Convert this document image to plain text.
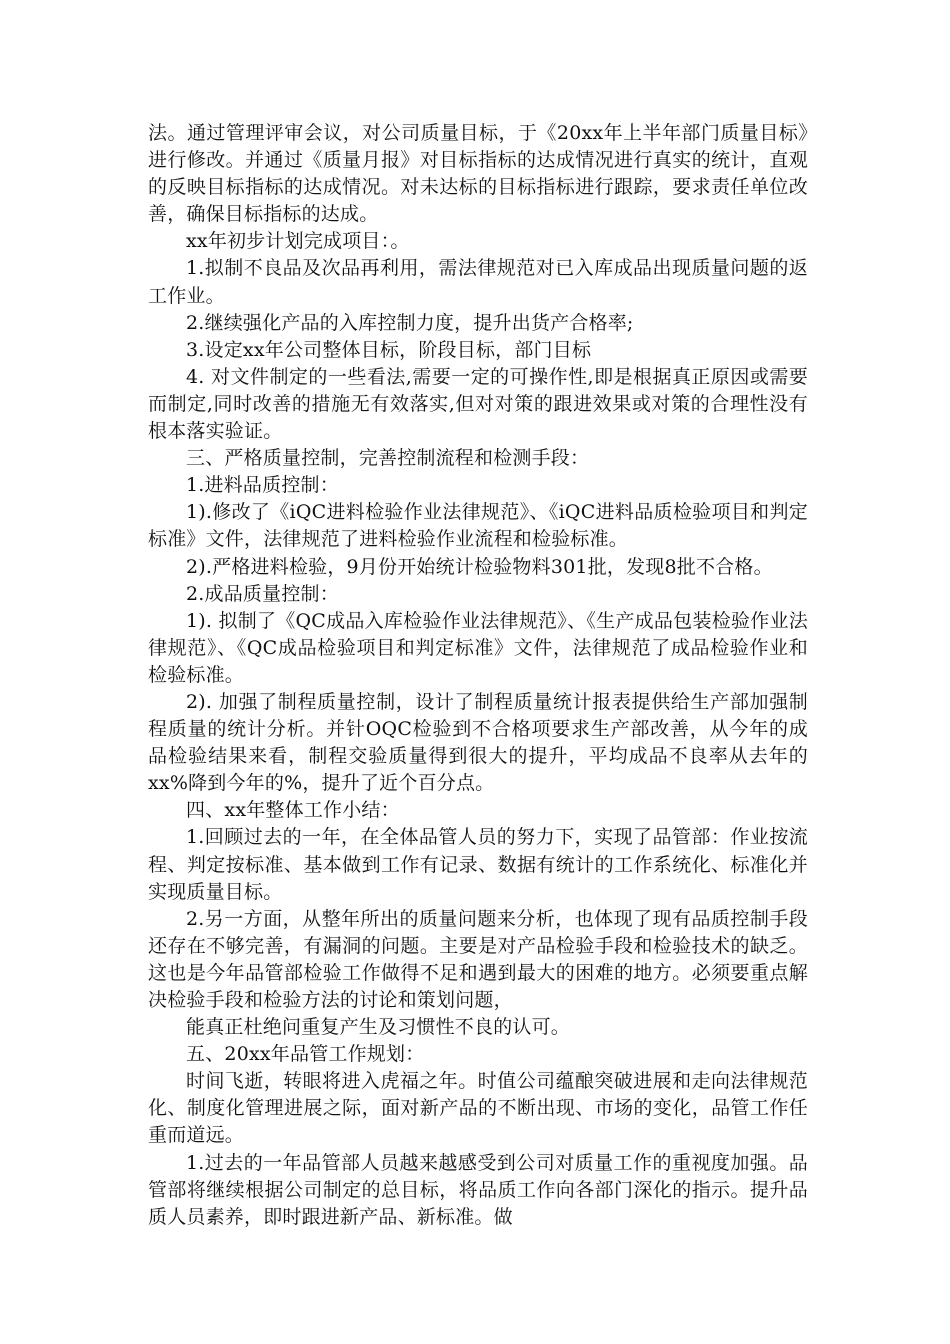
法。通过管理评审会议，对公司质量目标，于《20xx年上半年部门质量目标》进行修改。并通过《质量月报》对目标指标的达成情况进行真实的统计，直观的反映目标指标的达成情况。对未达标的目标指标进行跟踪，要求责任单位改善，确保目标指标的达成。

xx年初步计划完成项目：。

1.拟制不良品及次品再利用，需法律规范对已入库成品出现质量问题的返工作业。

2.继续强化产品的入库控制力度，提升出货产合格率;

3.设定xx年公司整体目标，阶段目标，部门目标

4. 对文件制定的一些看法,需要一定的可操作性,即是根据真正原因或需要而制定,同时改善的措施无有效落实,但对对策的跟进效果或对策的合理性没有根本落实验证。

三、严格质量控制，完善控制流程和检测手段：

1.进料品质控制：

1).修改了《iQC进料检验作业法律规范》、《iQC进料品质检验项目和判定标准》文件，法律规范了进料检验作业流程和检验标准。

2).严格进料检验，9月份开始统计检验物料301批，发现8批不合格。

2.成品质量控制：

1). 拟制了《QC成品入库检验作业法律规范》、《生产成品包装检验作业法律规范》、《QC成品检验项目和判定标准》文件，法律规范了成品检验作业和检验标准。

2). 加强了制程质量控制，设计了制程质量统计报表提供给生产部加强制程质量的统计分析。并针OQC检验到不合格项要求生产部改善，从今年的成品检验结果来看，制程交验质量得到很大的提升，平均成品不良率从去年的xx%降到今年的%，提升了近个百分点。

四、xx年整体工作小结：

1.回顾过去的一年，在全体品管人员的努力下，实现了品管部：作业按流程、判定按标准、基本做到工作有记录、数据有统计的工作系统化、标准化并实现质量目标。

2.另一方面，从整年所出的质量问题来分析，也体现了现有品质控制手段还存在不够完善，有漏洞的问题。主要是对产品检验手段和检验技术的缺乏。这也是今年品管部检验工作做得不足和遇到最大的困难的地方。必须要重点解决检验手段和检验方法的讨论和策划问题，

能真正杜绝问重复产生及习惯性不良的认可。

五、20xx年品管工作规划：

时间飞逝，转眼将进入虎福之年。时值公司蕴酿突破进展和走向法律规范化、制度化管理进展之际，面对新产品的不断出现、市场的变化，品管工作任重而道远。

1.过去的一年品管部人员越来越感受到公司对质量工作的重视度加强。品管部将继续根据公司制定的总目标，将品质工作向各部门深化的指示。提升品质人员素养，即时跟进新产品、新标准。做
